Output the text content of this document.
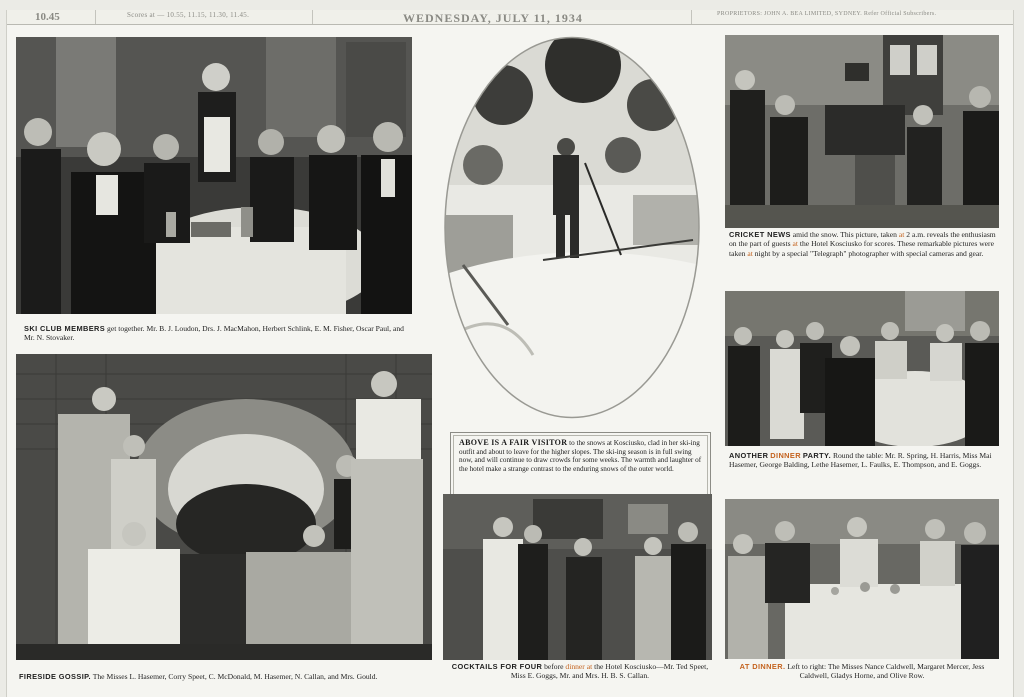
10.45	Scores at — 10.55, 11.15, 11.30, 11.45.	WEDNESDAY, JULY 11, 1934	PROPRIETORS: JOHN A. BEA LIMITED, SYDNEY. Refer Official Subscribers.
SKI CLUB MEMBERS get together. Mr. B. J. Loudon, Drs. J. MacMahon, Herbert Schlink, E. M. Fisher, Oscar Paul, and Mr. N. Stovaker.
ABOVE IS A FAIR VISITOR to the snows at Kosciusko, clad in her ski-ing outfit and about to leave for the higher slopes. The ski-ing season is in full swing now, and will continue to draw crowds for some weeks. The warmth and laughter of the hotel make a strange contrast to the enduring snows of the outer world.
CRICKET NEWS amid the snow. This picture, taken at 2 a.m. reveals the enthusiasm on the part of guests at the Hotel Kosciusko for scores. These remarkable pictures were taken at night by a special "Telegraph" photographer with special cameras and gear.
FIRESIDE GOSSIP. The Misses L. Hasemer, Corry Speet, C. McDonald, M. Hasemer, N. Callan, and Mrs. Gould.
COCKTAILS FOR FOUR before dinner at the Hotel Kosciusko—Mr. Ted Speet, Miss E. Goggs, Mr. and Mrs. H. B. S. Callan.
ANOTHER DINNER PARTY. Round the table: Mr. R. Spring, H. Harris, Miss Mai Hasemer, George Balding, Lethe Hasemer, L. Faulks, E. Thompson, and E. Goggs.
AT DINNER. Left to right: The Misses Nance Caldwell, Margaret Mercer, Jess Caldwell, Gladys Horne, and Olive Row.
